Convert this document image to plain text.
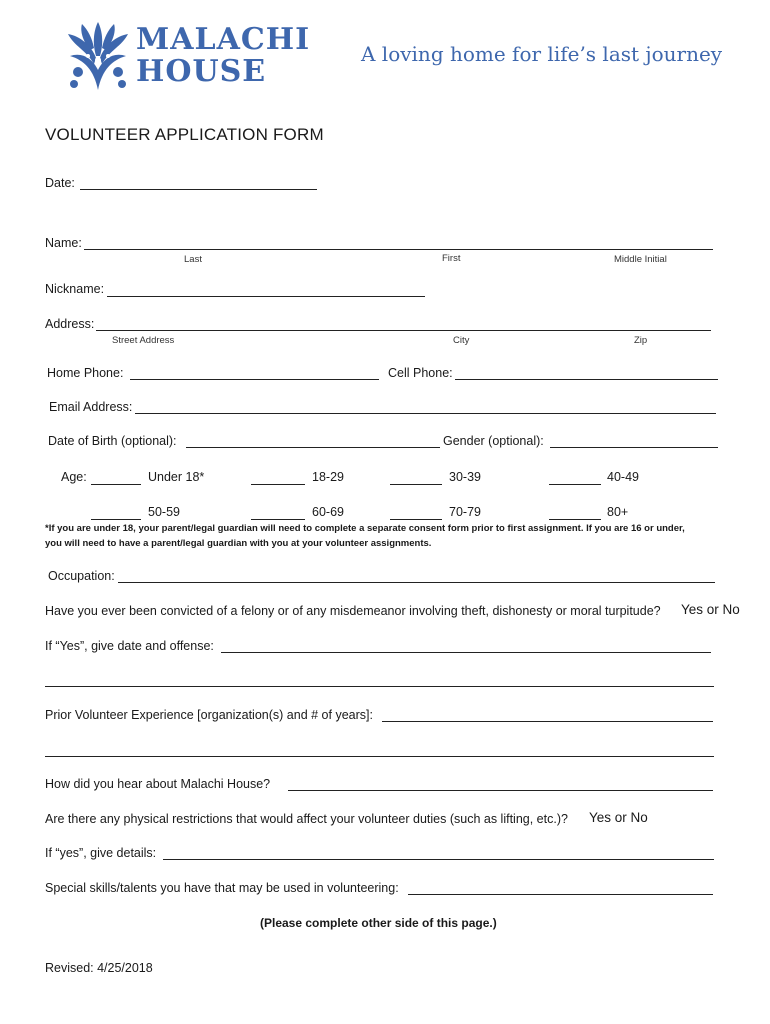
MALACHI
HOUSE	A loving home for life’s last journey
VOLUNTEER APPLICATION FORM
Date:
Name:
Last	First	Middle Initial
Nickname:
Address:
Street Address	City	Zip
Home Phone:	Cell Phone:
Email Address:
Date of Birth (optional):	Gender (optional):
Age:	Under 18*	18-29	30-39	40-49
50-59	60-69	70-79	80+
*If you are under 18, your parent/legal guardian will need to complete a separate consent form prior to first assignment. If you are 16 or under,
you will need to have a parent/legal guardian with you at your volunteer assignments.
Occupation:
Have you ever been convicted of a felony or of any misdemeanor involving theft, dishonesty or moral turpitude? Yes or No
If “Yes”, give date and offense:
Prior Volunteer Experience [organization(s) and # of years]:
How did you hear about Malachi House?
Are there any physical restrictions that would affect your volunteer duties (such as lifting, etc.)? Yes or No
If “yes”, give details:
Special skills/talents you have that may be used in volunteering:
(Please complete other side of this page.)
Revised: 4/25/2018
